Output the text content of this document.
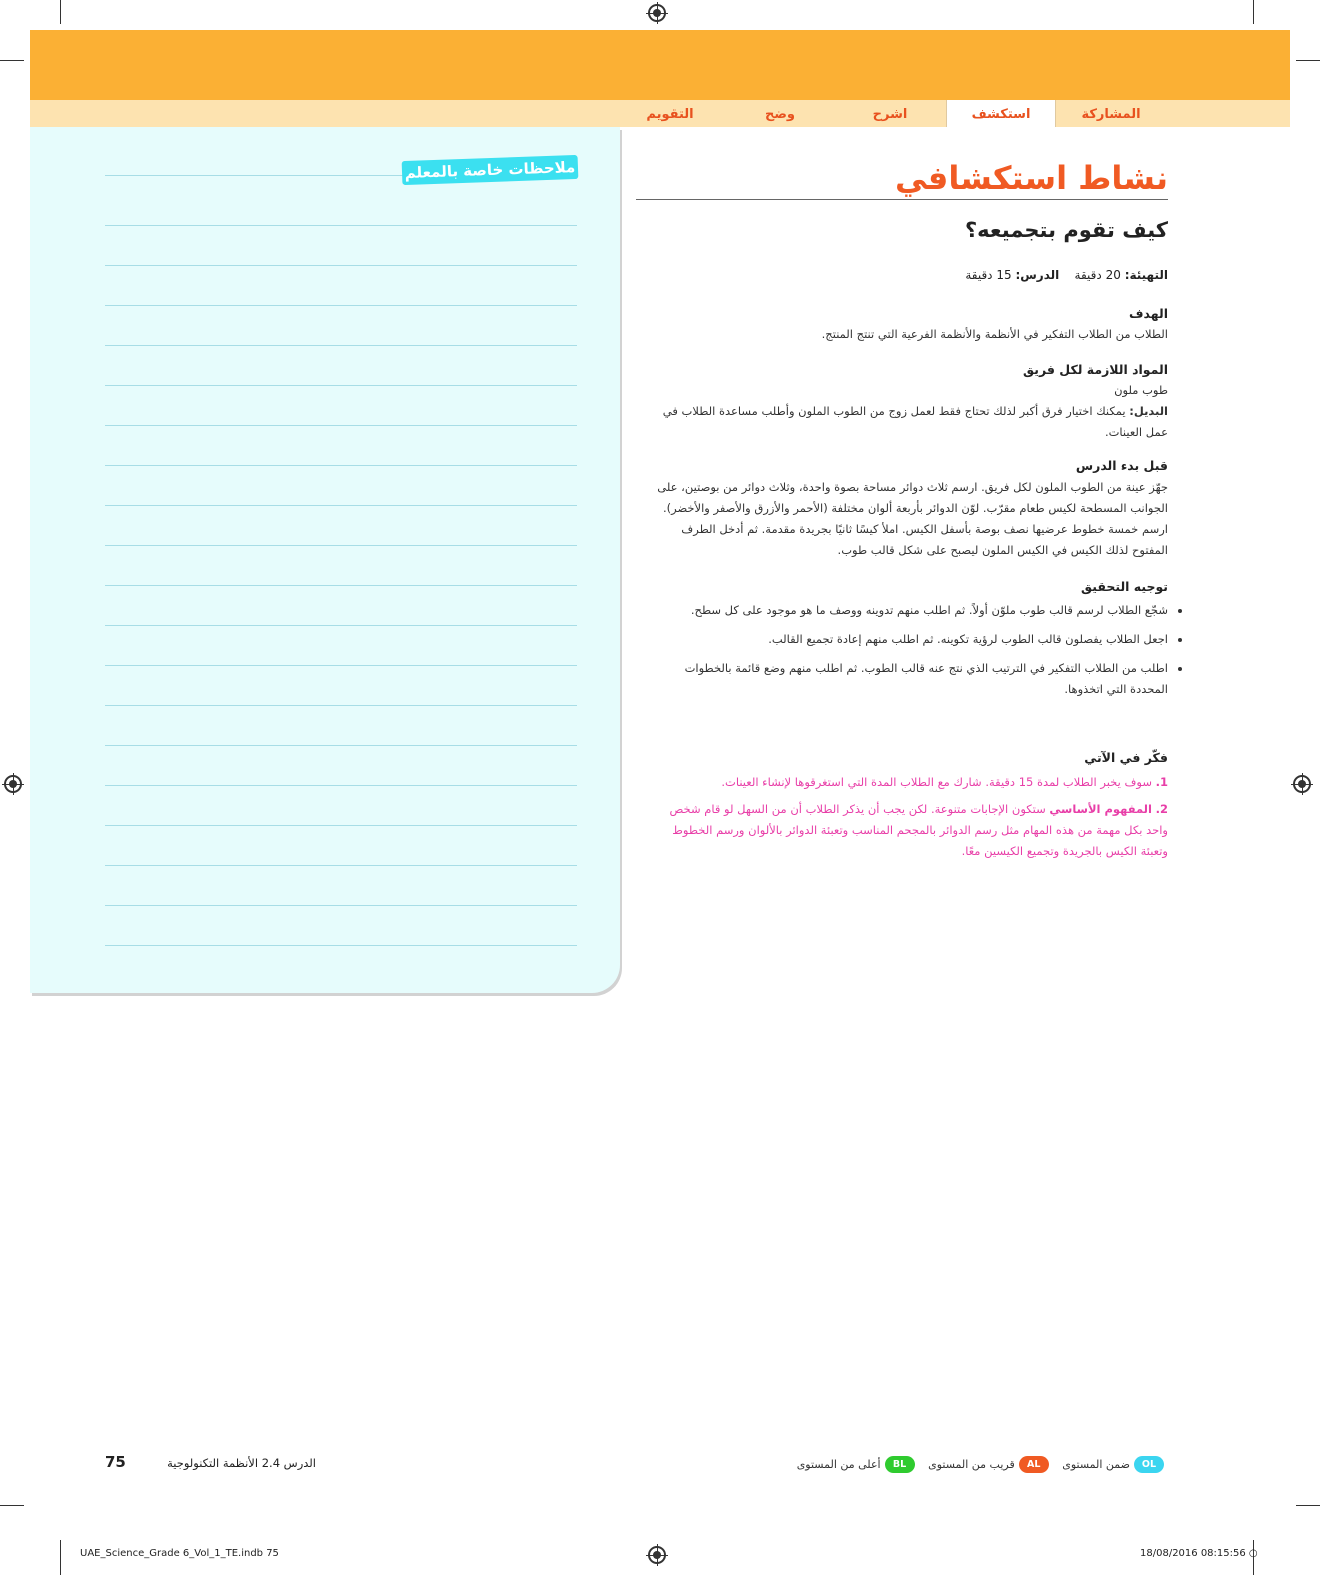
التقويم	وضح	اشرح	استكشف	المشاركة
ملاحظات خاصة بالمعلم	نشاط استكشافي
كيف تقوم بتجميعه؟
التهيئة: 20 دقيقة    الدرس: 15 دقيقة
الهدف
الطلاب من الطلاب التفكير في الأنظمة والأنظمة الفرعية التي تنتج المنتج.
المواد اللازمة لكل فريق
طوب ملون
البديل: يمكنك اختيار فرق أكبر لذلك تحتاج فقط لعمل زوج من الطوب الملون وأطلب مساعدة الطلاب في عمل العينات.
قبل بدء الدرس
جهّز عينة من الطوب الملون لكل فريق. ارسم ثلاث دوائر مساحة بصوة واحدة، وثلاث دوائر من بوصتين، على الجوانب المسطحة لكيس طعام مقرّب. لوّن الدوائر بأربعة ألوان مختلفة (الأحمر والأزرق والأصفر والأخضر). ارسم خمسة خطوط عرضيها نصف بوصة بأسفل الكيس. املأ كيسًا ثانيًا بجريدة مقدمة. ثم أدخل الطرف المفتوح لذلك الكيس في الكيس الملون ليصبح على شكل قالب طوب.
توجيه التحقيق
• شجّع الطلاب لرسم قالب طوب ملوّن أولاً. ثم اطلب منهم تدوينه ووصف ما هو موجود على كل سطح.
• اجعل الطلاب يفصلون قالب الطوب لرؤية تكوينه. ثم اطلب منهم إعادة تجميع القالب.
• اطلب من الطلاب التفكير في الترتيب الذي نتج عنه قالب الطوب. ثم اطلب منهم وضع قائمة بالخطوات المحددة التي اتخذوها.
فكّر في الآتي
1. سوف يخبر الطلاب لمدة 15 دقيقة. شارك مع الطلاب المدة التي استغرقوها لإنشاء العينات.
2. المفهوم الأساسي ستكون الإجابات متنوعة. لكن يجب أن يذكر الطلاب أن من السهل لو قام شخص واحد بكل مهمة من هذه المهام مثل رسم الدوائر بالمجحم المناسب وتعبئة الدوائر بالألوان ورسم الخطوط وتعبئة الكيس بالجريدة وتجميع الكيسين معًا.
75	الدرس 2.4 الأنظمة التكنولوجية	OLضمن المستوى ALقريب من المستوى BLأعلى من المستوى
UAE_Science_Grade 6_Vol_1_TE.indb 75	18/08/2016 08:15:56 ○
